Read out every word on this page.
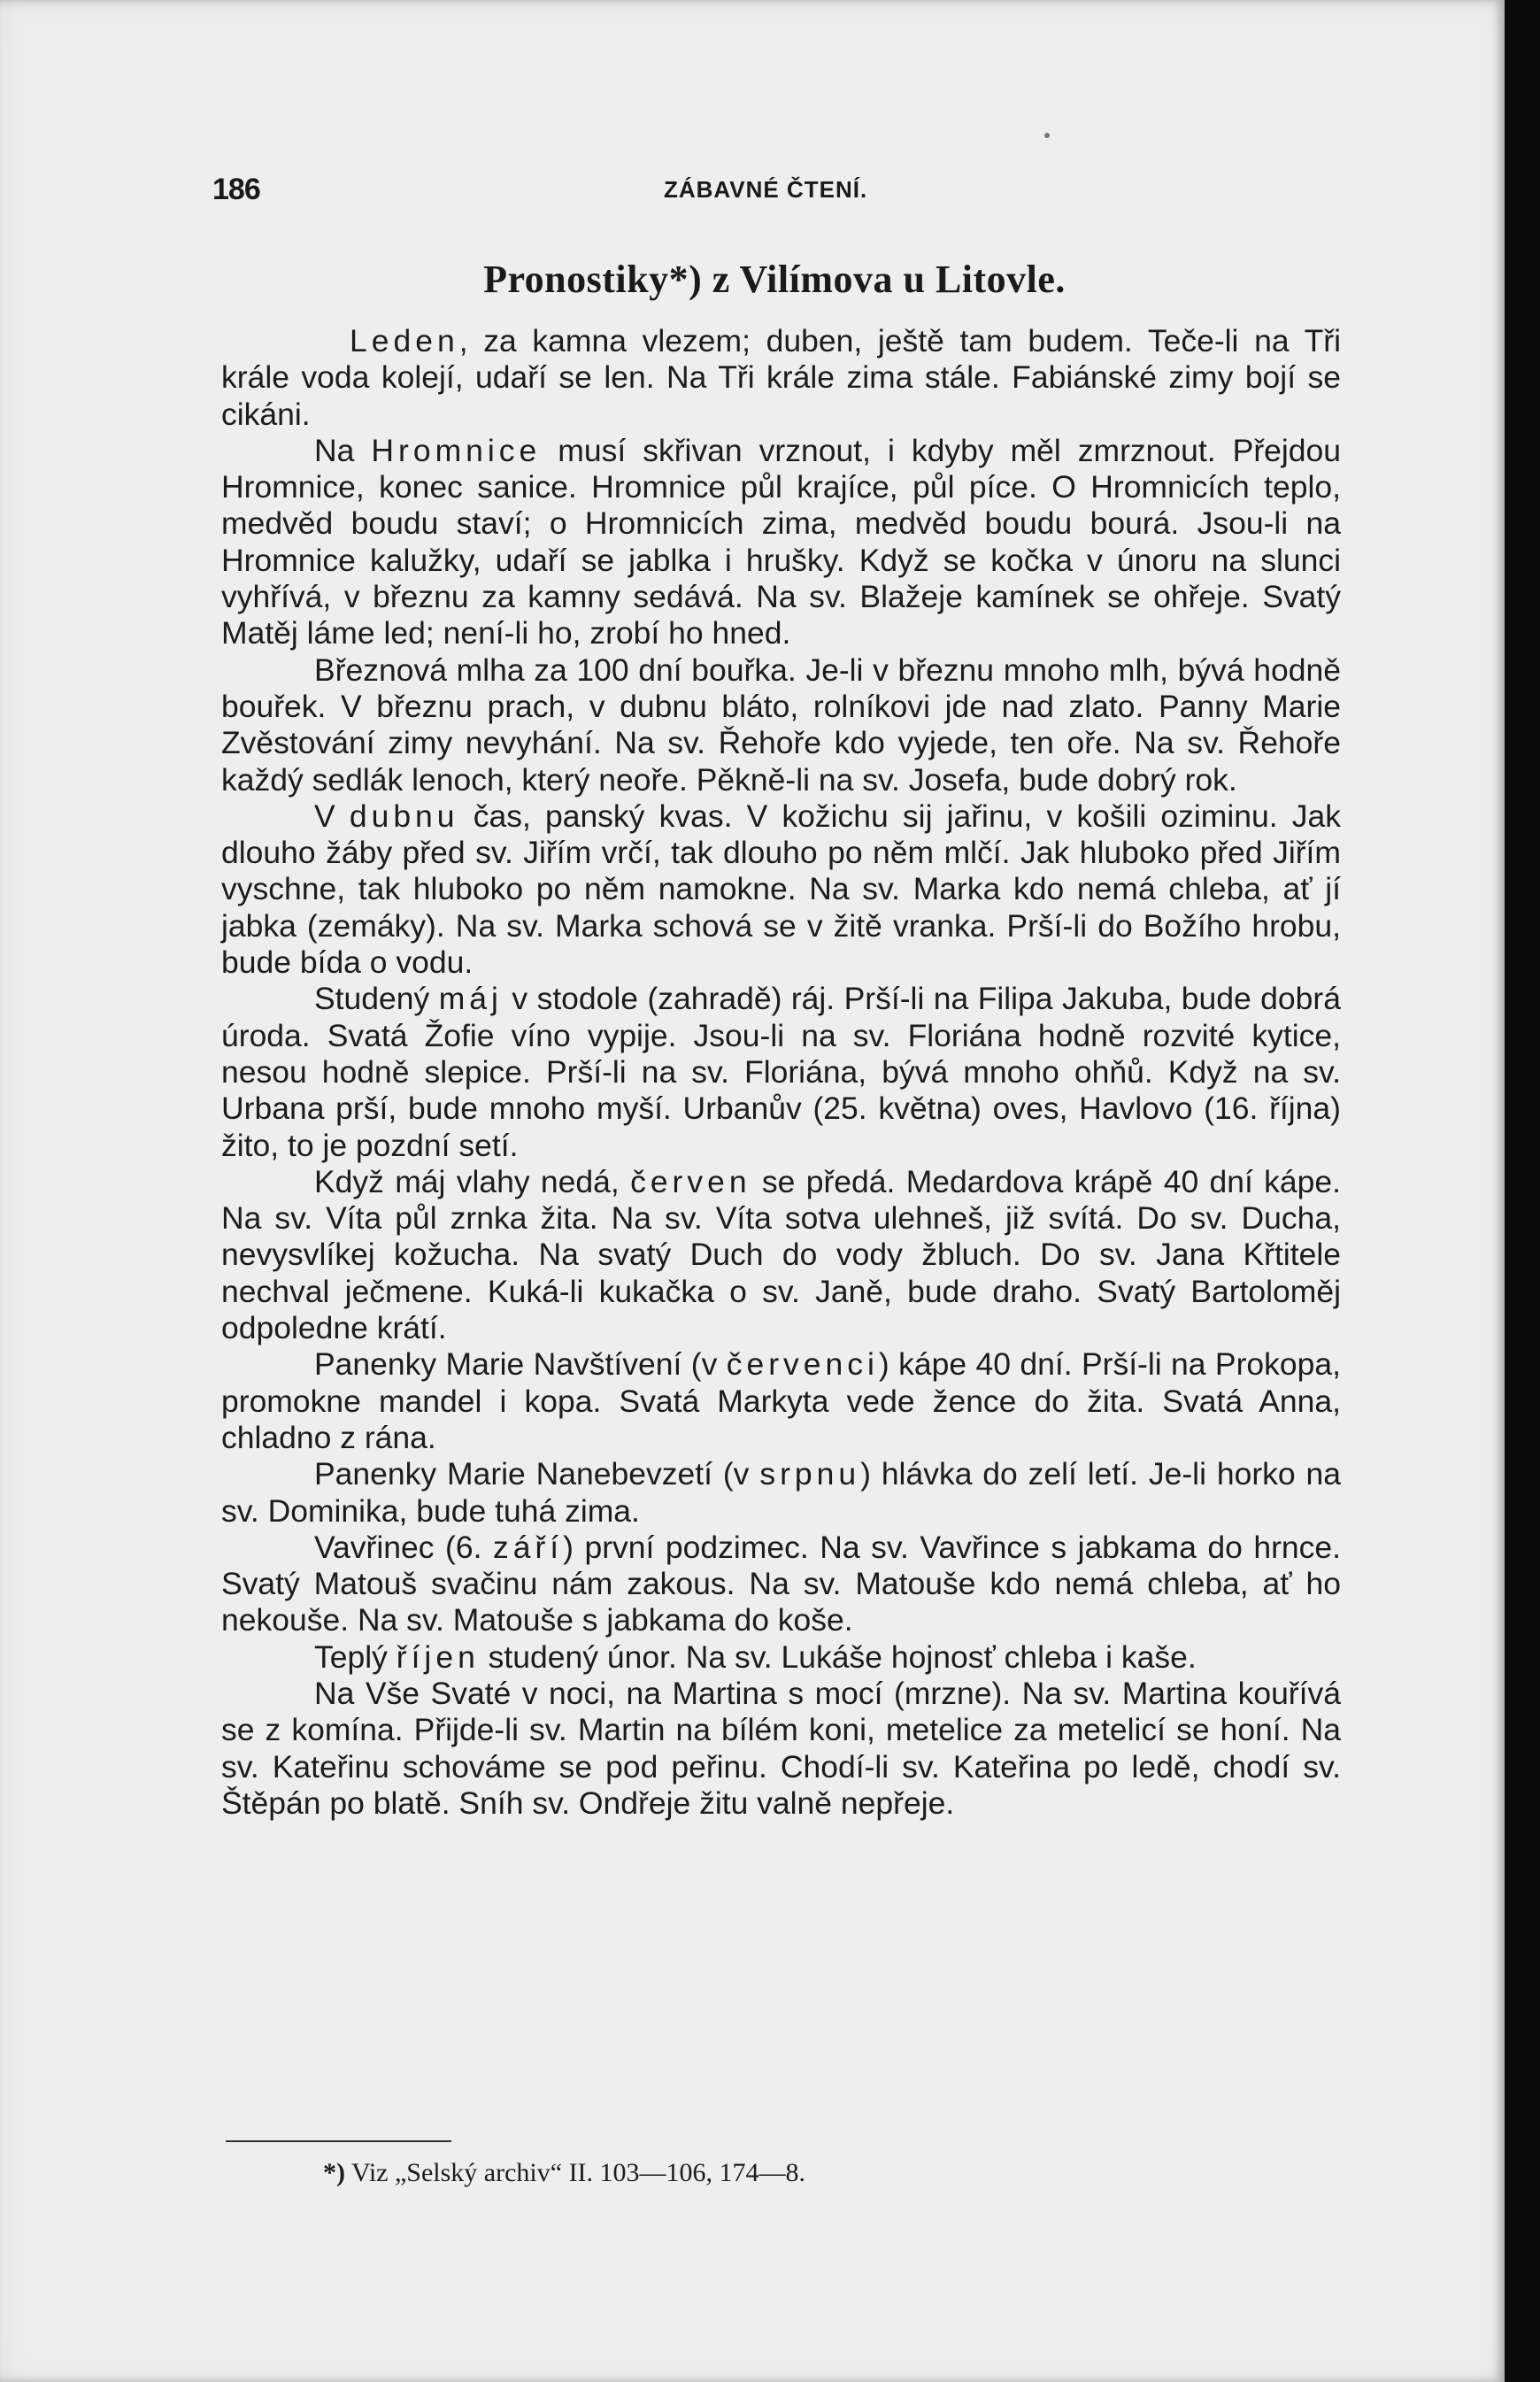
186	ZÁBAVNÉ ČTENÍ.
Pronostiky*) z Vilímova u Litovle.

Leden, za kamna vlezem; duben, ještě tam budem. Teče-li na Tři krále voda kolejí, udaří se len. Na Tři krále zima stále. Fabiánské zimy bojí se cikáni.

Na Hromnice musí skřivan vrznout, i kdyby měl zmrznout. Přejdou Hromnice, konec sanice. Hromnice půl krajíce, půl píce. O Hromnicích teplo, medvěd boudu staví; o Hromnicích zima, medvěd boudu bourá. Jsou-li na Hromnice kalužky, udaří se jablka i hrušky. Když se kočka v únoru na slunci vyhřívá, v březnu za kamny sedává. Na sv. Blažeje kamínek se ohřeje. Svatý Matěj láme led; není-li ho, zrobí ho hned.

Březnová mlha za 100 dní bouřka. Je-li v březnu mnoho mlh, bývá hodně bouřek. V březnu prach, v dubnu bláto, rolníkovi jde nad zlato. Panny Marie Zvěstování zimy nevyhání. Na sv. Řehoře kdo vyjede, ten oře. Na sv. Řehoře každý sedlák lenoch, který neoře. Pěkně-li na sv. Josefa, bude dobrý rok.

V dubnu čas, panský kvas. V kožichu sij jařinu, v košili oziminu. Jak dlouho žáby před sv. Jiřím vrčí, tak dlouho po něm mlčí. Jak hluboko před Jiřím vyschne, tak hluboko po něm namokne. Na sv. Marka kdo nemá chleba, ať jí jabka (zemáky). Na sv. Marka schová se v žitě vranka. Prší-li do Božího hrobu, bude bída o vodu.

Studený máj v stodole (zahradě) ráj. Prší-li na Filipa Jakuba, bude dobrá úroda. Svatá Žofie víno vypije. Jsou-li na sv. Floriána hodně rozvité kytice, nesou hodně slepice. Prší-li na sv. Floriána, bývá mnoho ohňů. Když na sv. Urbana prší, bude mnoho myší. Urbanův (25. května) oves, Havlovo (16. října) žito, to je pozdní setí.

Když máj vlahy nedá, červen se předá. Medardova krápě 40 dní kápe. Na sv. Víta půl zrnka žita. Na sv. Víta sotva ulehneš, již svítá. Do sv. Ducha, nevysvlíkej kožucha. Na svatý Duch do vody žbluch. Do sv. Jana Křtitele nechval ječmene. Kuká-li kukačka o sv. Janě, bude draho. Svatý Bartoloměj odpoledne krátí.

Panenky Marie Navštívení (v červenci) kápe 40 dní. Prší-li na Prokopa, promokne mandel i kopa. Svatá Markyta vede žence do žita. Svatá Anna, chladno z rána.

Panenky Marie Nanebevzetí (v srpnu) hlávka do zelí letí. Je-li horko na sv. Dominika, bude tuhá zima.

Vavřinec (6. září) první podzimec. Na sv. Vavřince s jabkama do hrnce. Svatý Matouš svačinu nám zakous. Na sv. Matouše kdo nemá chleba, ať ho nekouše. Na sv. Matouše s jabkama do koše.

Teplý říjen studený únor. Na sv. Lukáše hojnosť chleba i kaše.

Na Vše Svaté v noci, na Martina s mocí (mrzne). Na sv. Martina kouřívá se z komína. Přijde-li sv. Martin na bílém koni, metelice za metelicí se honí. Na sv. Kateřinu schováme se pod peřinu. Chodí-li sv. Kateřina po ledě, chodí sv. Štěpán po blatě. Sníh sv. Ondřeje žitu valně nepřeje.

*) Viz „Selský archiv“ II. 103—106, 174—8.
